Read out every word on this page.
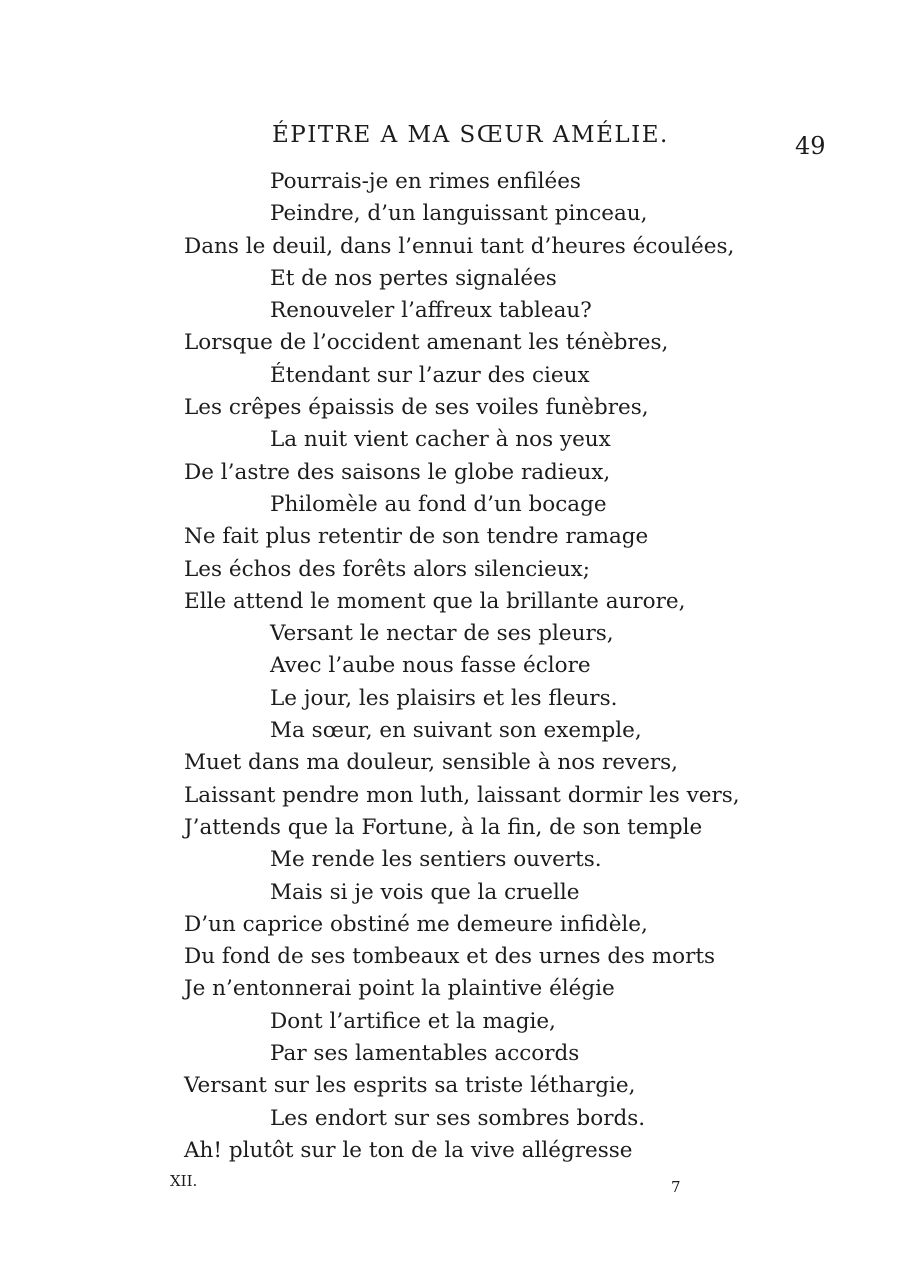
ÉPITRE A MA SŒUR AMÉLIE.	49
Pourrais-je en rimes enfilées
Peindre, d’un languissant pinceau,
Dans le deuil, dans l’ennui tant d’heures écoulées,
Et de nos pertes signalées
Renouveler l’affreux tableau?
Lorsque de l’occident amenant les ténèbres,
Étendant sur l’azur des cieux
Les crêpes épaissis de ses voiles funèbres,
La nuit vient cacher à nos yeux
De l’astre des saisons le globe radieux,
Philomèle au fond d’un bocage
Ne fait plus retentir de son tendre ramage
Les échos des forêts alors silencieux;
Elle attend le moment que la brillante aurore,
Versant le nectar de ses pleurs,
Avec l’aube nous fasse éclore
Le jour, les plaisirs et les fleurs.
Ma sœur, en suivant son exemple,
Muet dans ma douleur, sensible à nos revers,
Laissant pendre mon luth, laissant dormir les vers,
J’attends que la Fortune, à la fin, de son temple
Me rende les sentiers ouverts.
Mais si je vois que la cruelle
D’un caprice obstiné me demeure infidèle,
Du fond de ses tombeaux et des urnes des morts
Je n’entonnerai point la plaintive élégie
Dont l’artifice et la magie,
Par ses lamentables accords
Versant sur les esprits sa triste léthargie,
Les endort sur ses sombres bords.
Ah! plutôt sur le ton de la vive allégresse
XII.	7
